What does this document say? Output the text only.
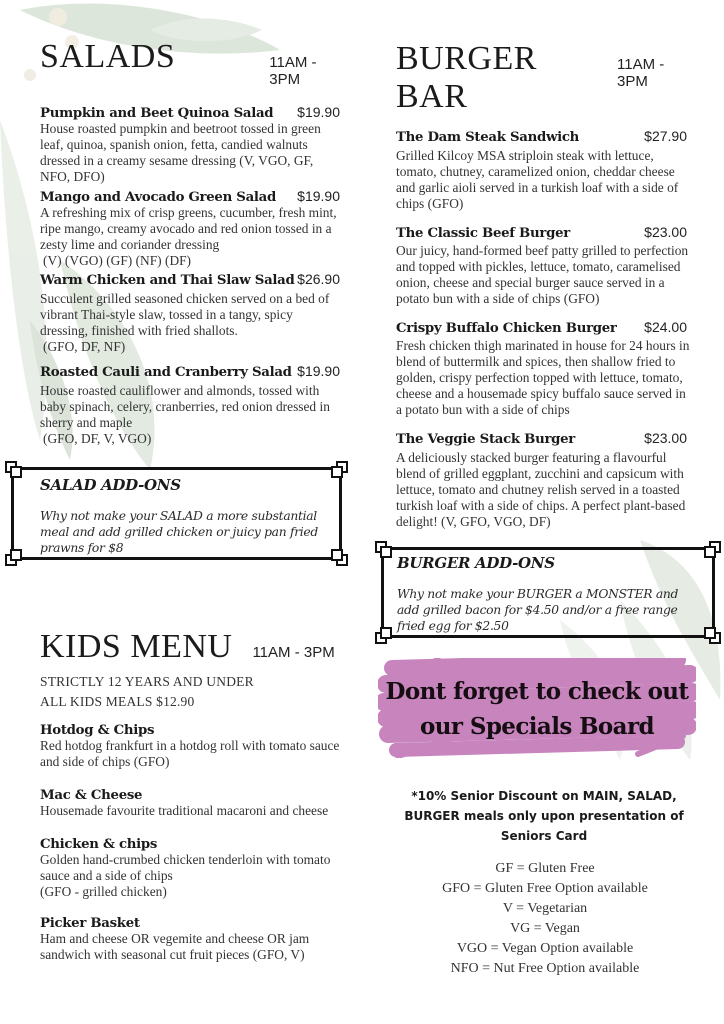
SALADS	11AM - 3PM
Pumpkin and Beet Quinoa Salad $19.90
House roasted pumpkin and beetroot tossed in green leaf, quinoa, spanish onion, fetta, candied walnuts dressed in a creamy sesame dressing (V, VGO, GF, NFO, DFO)
Mango and Avocado Green Salad $19.90
A refreshing mix of crisp greens, cucumber, fresh mint, ripe mango, creamy avocado and red onion tossed in a zesty lime and coriander dressing
(V) (VGO) (GF) (NF) (DF)
Warm Chicken and Thai Slaw Salad $26.90
Succulent grilled seasoned chicken served on a bed of vibrant Thai-style slaw, tossed in a tangy, spicy dressing, finished with fried shallots.
(GFO, DF, NF)
Roasted Cauli and Cranberry Salad $19.90
House roasted cauliflower and almonds, tossed with baby spinach, celery, cranberries, red onion dressed in sherry and maple
(GFO, DF, V, VGO)
SALAD ADD-ONS
Why not make your SALAD a more substantial meal and add grilled chicken or juicy pan fried prawns for $8
KIDS MENU 11AM - 3PM
STRICTLY 12 YEARS AND UNDER
ALL KIDS MEALS $12.90
Hotdog & Chips
Red hotdog frankfurt in a hotdog roll with tomato sauce and side of chips (GFO)
Mac & Cheese
Housemade favourite traditional macaroni and cheese
Chicken & chips
Golden hand-crumbed chicken tenderloin with tomato sauce and a side of chips
(GFO - grilled chicken)
Picker Basket
Ham and cheese OR vegemite and cheese OR jam sandwich with seasonal cut fruit pieces (GFO, V)
BURGER BAR
11AM - 3PM
The Dam Steak Sandwich	$27.90
Grilled Kilcoy MSA striploin steak with lettuce, tomato, chutney, caramelized onion, cheddar cheese and garlic aioli served in a turkish loaf with a side of chips (GFO)
The Classic Beef Burger	$23.00
Our juicy, hand-formed beef patty grilled to perfection and topped with pickles, lettuce, tomato, caramelised onion, cheese and special burger sauce served in a potato bun with a side of chips (GFO)
Crispy Buffalo Chicken Burger $24.00
Fresh chicken thigh marinated in house for 24 hours in blend of buttermilk and spices, then shallow fried to golden, crispy perfection topped with lettuce, tomato, cheese and a housemade spicy buffalo sauce served in a potato bun with a side of chips
The Veggie Stack Burger	$23.00
A deliciously stacked burger featuring a flavourful blend of grilled eggplant, zucchini and capsicum with lettuce, tomato and chutney relish served in a toasted turkish loaf with a side of chips. A perfect plant-based delight! (V, GFO, VGO, DF)
BURGER ADD-ONS
Why not make your BURGER a MONSTER and add grilled bacon for $4.50 and/or a free range fried egg for $2.50
Dont forget to check out
our Specials Board
*10% Senior Discount on MAIN, SALAD,
BURGER meals only upon presentation of
Seniors Card
GF = Gluten Free
GFO = Gluten Free Option available
V = Vegetarian
VG = Vegan
VGO = Vegan Option available
NFO = Nut Free Option available
